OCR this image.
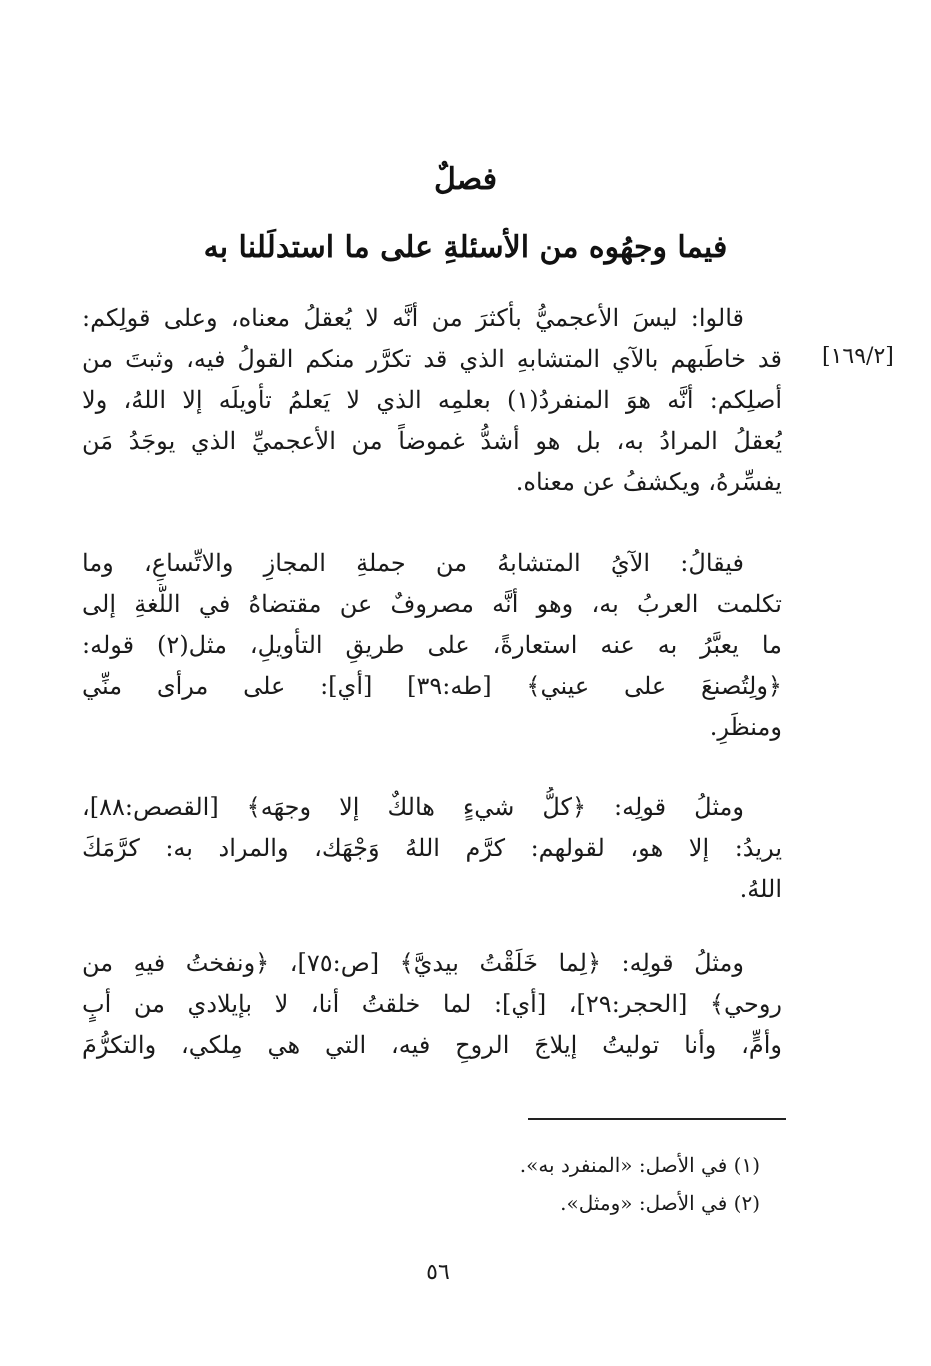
فصلٌ
فيما وجهُوه من الأسئلةِ على ما استدلَلنا به
[١٦٩/٢]
قالوا: ليسَ الأعجميُّ بأكثرَ من أنَّه لا يُعقلُ معناه، وعلى قولِكم:
قد خاطَبهم بالآي المتشابهِ الذي قد تكرَّر منكم القولُ فيه، وثبتَ من
أصلِكم: أنَّه هوَ المنفردُ(١) بعلمِه الذي لا يَعلمُ تأويلَه إلا اللهُ، ولا
يُعقلُ المرادُ به، بل هو أشدُّ غموضاً من الأعجميِّ الذي يوجَدُ مَن
يفسِّرهُ، ويكشفُ عن معناه.
فيقالُ: الآيُ المتشابهُ من جملةِ المجازِ والاتِّساعِ، وما
تكلمت العربُ به، وهو أنَّه مصروفٌ عن مقتضاهُ في اللُّغةِ إلى
ما يعبَّرُ به عنه استعارةً، على طريقِ التأويلِ، مثل(٢) قوله:
﴿ولِتُصنعَ على عيني﴾ [طه:٣٩] [أي]: على مرأى منِّي
ومنظَرِ.
ومثلُ قولِه: ﴿كلُّ شيءٍ هالكٌ إلا وجهَه﴾ [القصص:٨٨]،
يريدُ: إلا هو، لقولهم: كرَّم اللهُ وَجْهَك، والمراد به: كرَّمَكَ
اللهُ.
ومثلُ قولِه: ﴿لِما خَلَقْتُ بيديَّ﴾ [ص:٧٥]، ﴿ونفختُ فيهِ من
روحي﴾ [الحجر:٢٩]، [أي]: لما خلقتُ أنا، لا بإيلادي من أبٍ
وأمٍّ، وأنا توليتُ إيلاجَ الروحِ فيه، التي هي مِلكي، والتكرُّمَ
(١) في الأصل: «المنفرد به».
(٢) في الأصل: «ومثل».
٥٦
